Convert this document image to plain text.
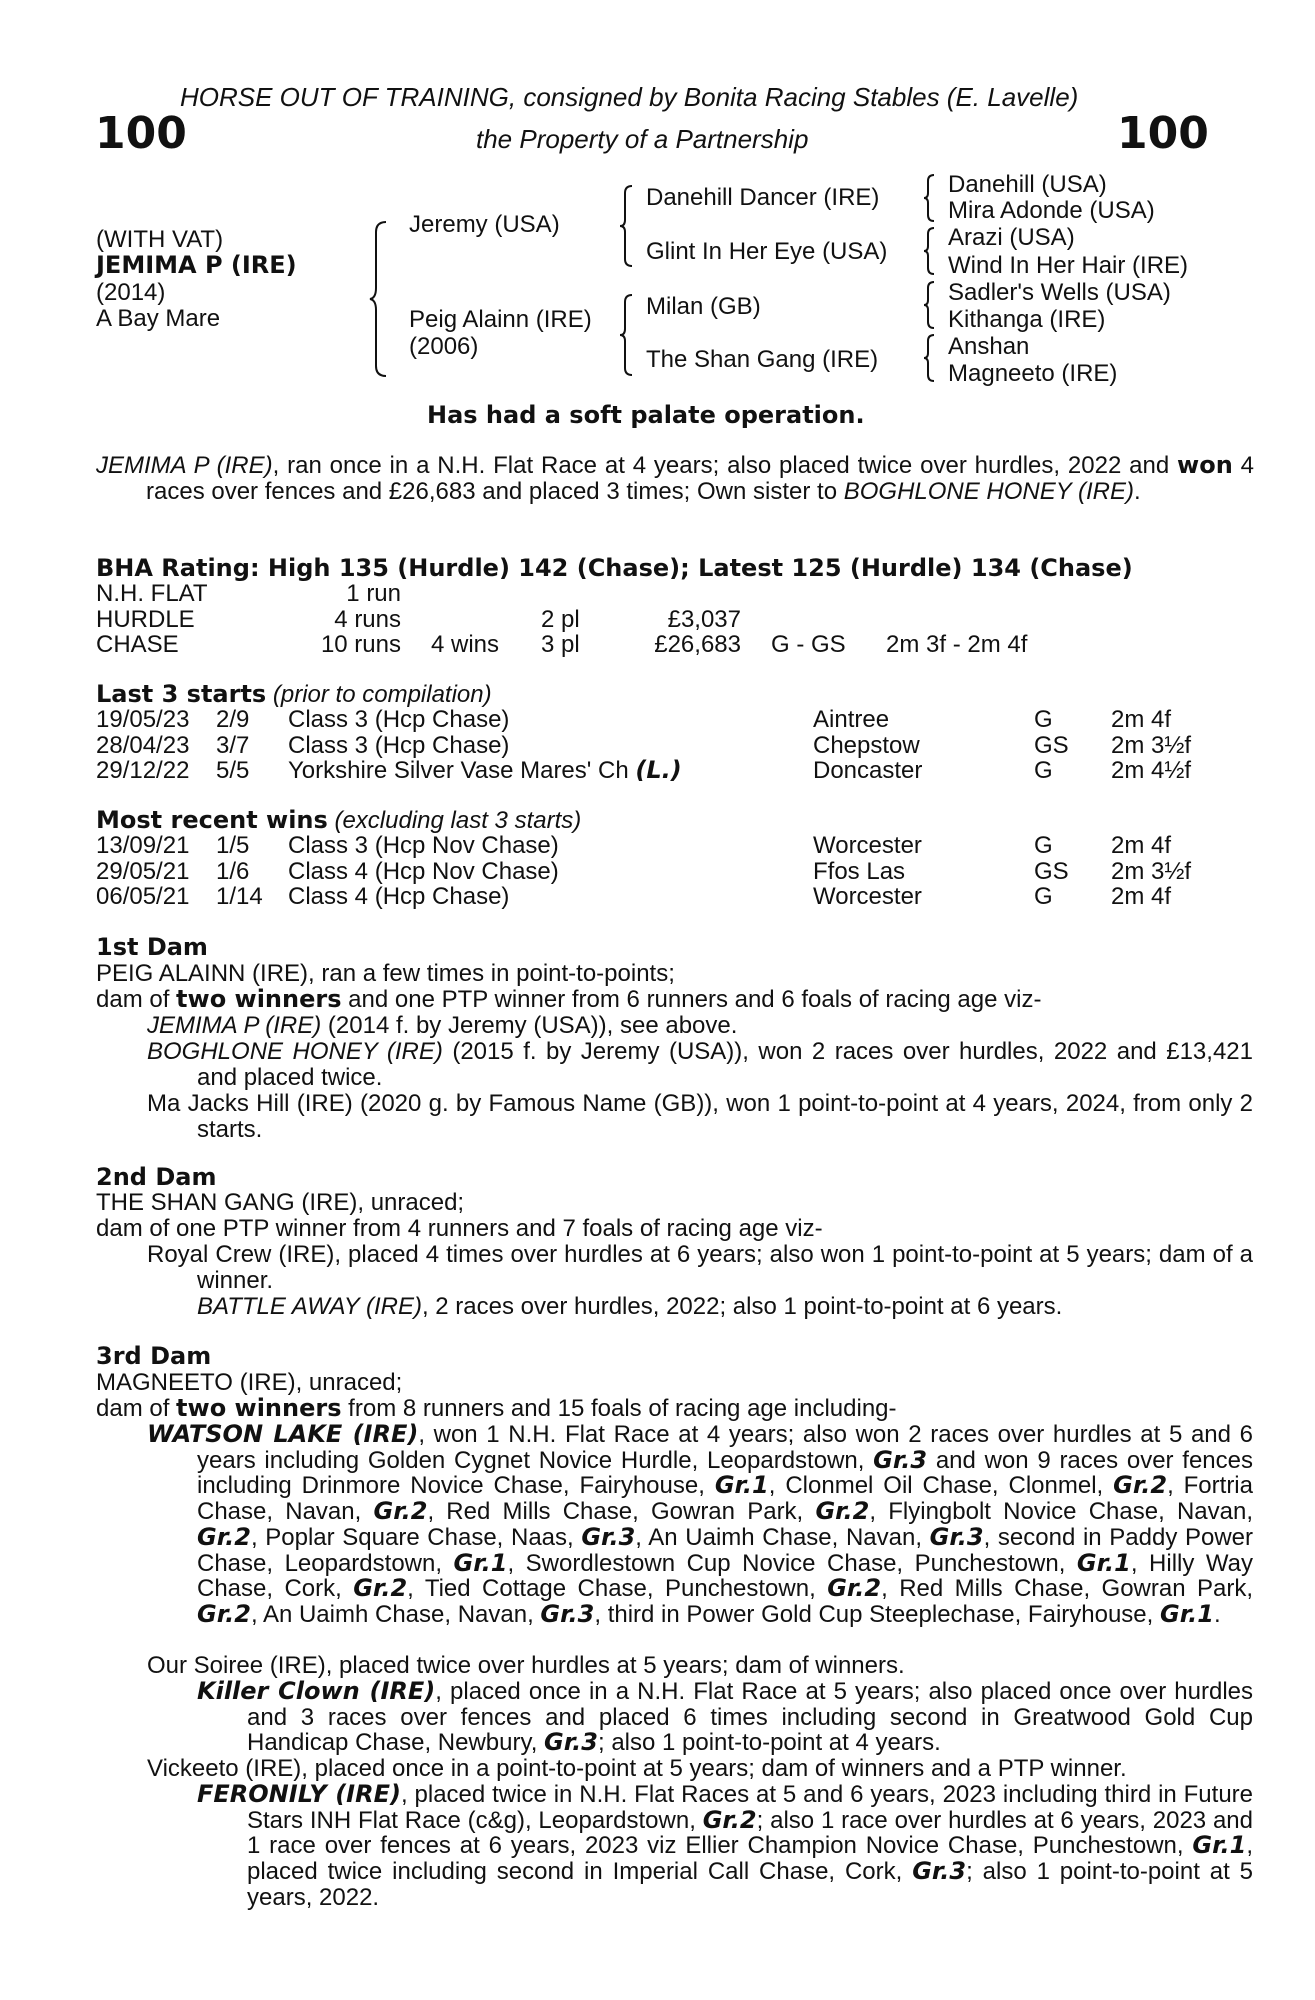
HORSE OUT OF TRAINING, consigned by Bonita Racing Stables (E. Lavelle)
100	the Property of a Partnership	100
(WITH VAT)
JEMIMA P (IRE)
(2014)
A Bay Mare
Jeremy (USA)
Peig Alainn (IRE)
(2006)
Danehill Dancer (IRE)
Glint In Her Eye (USA)
Milan (GB)
The Shan Gang (IRE)
Danehill (USA)
Mira Adonde (USA)
Arazi (USA)
Wind In Her Hair (IRE)
Sadler's Wells (USA)
Kithanga (IRE)
Anshan
Magneeto (IRE)
Has had a soft palate operation.
JEMIMA P (IRE), ran once in a N.H. Flat Race at 4 years; also placed twice over hurdles, 2022 and won 4 races over fences and £26,683 and placed 3 times; Own sister to BOGHLONE HONEY (IRE).
BHA Rating: High 135 (Hurdle) 142 (Chase); Latest 125 (Hurdle) 134 (Chase)
N.H. FLAT	1 run					
HURDLE	4 runs		2 pl	£3,037		
CHASE	10 runs	4 wins	3 pl	£26,683	G - GS	2m 3f - 2m 4f
Last 3 starts (prior to compilation)
19/05/23	2/9	Class 3 (Hcp Chase)	Aintree	G	2m 4f
28/04/23	3/7	Class 3 (Hcp Chase)	Chepstow	GS	2m 3½f
29/12/22	5/5	Yorkshire Silver Vase Mares' Ch (L.)	Doncaster	G	2m 4½f
Most recent wins (excluding last 3 starts)
13/09/21	1/5	Class 3 (Hcp Nov Chase)	Worcester	G	2m 4f
29/05/21	1/6	Class 4 (Hcp Nov Chase)	Ffos Las	GS	2m 3½f
06/05/21	1/14	Class 4 (Hcp Chase)	Worcester	G	2m 4f
1st Dam
PEIG ALAINN (IRE), ran a few times in point-to-points;
dam of two winners and one PTP winner from 6 runners and 6 foals of racing age viz-
JEMIMA P (IRE) (2014 f. by Jeremy (USA)), see above.
BOGHLONE HONEY (IRE) (2015 f. by Jeremy (USA)), won 2 races over hurdles, 2022 and £13,421 and placed twice.
Ma Jacks Hill (IRE) (2020 g. by Famous Name (GB)), won 1 point-to-point at 4 years, 2024, from only 2 starts.
2nd Dam
THE SHAN GANG (IRE), unraced;
dam of one PTP winner from 4 runners and 7 foals of racing age viz-
Royal Crew (IRE), placed 4 times over hurdles at 6 years; also won 1 point-to-point at 5 years; dam of a winner.
BATTLE AWAY (IRE), 2 races over hurdles, 2022; also 1 point-to-point at 6 years.
3rd Dam
MAGNEETO (IRE), unraced;
dam of two winners from 8 runners and 15 foals of racing age including-
WATSON LAKE (IRE), won 1 N.H. Flat Race at 4 years; also won 2 races over hurdles at 5 and 6 years including Golden Cygnet Novice Hurdle, Leopardstown, Gr.3 and won 9 races over fences including Drinmore Novice Chase, Fairyhouse, Gr.1, Clonmel Oil Chase, Clonmel, Gr.2, Fortria Chase, Navan, Gr.2, Red Mills Chase, Gowran Park, Gr.2, Flyingbolt Novice Chase, Navan, Gr.2, Poplar Square Chase, Naas, Gr.3, An Uaimh Chase, Navan, Gr.3, second in Paddy Power Chase, Leopardstown, Gr.1, Swordlestown Cup Novice Chase, Punchestown, Gr.1, Hilly Way Chase, Cork, Gr.2, Tied Cottage Chase, Punchestown, Gr.2, Red Mills Chase, Gowran Park, Gr.2, An Uaimh Chase, Navan, Gr.3, third in Power Gold Cup Steeplechase, Fairyhouse, Gr.1.
Our Soiree (IRE), placed twice over hurdles at 5 years; dam of winners.
Killer Clown (IRE), placed once in a N.H. Flat Race at 5 years; also placed once over hurdles and 3 races over fences and placed 6 times including second in Greatwood Gold Cup Handicap Chase, Newbury, Gr.3; also 1 point-to-point at 4 years.
Vickeeto (IRE), placed once in a point-to-point at 5 years; dam of winners and a PTP winner.
FERONILY (IRE), placed twice in N.H. Flat Races at 5 and 6 years, 2023 including third in Future Stars INH Flat Race (c&g), Leopardstown, Gr.2; also 1 race over hurdles at 6 years, 2023 and 1 race over fences at 6 years, 2023 viz Ellier Champion Novice Chase, Punchestown, Gr.1, placed twice including second in Imperial Call Chase, Cork, Gr.3; also 1 point-to-point at 5 years, 2022.
